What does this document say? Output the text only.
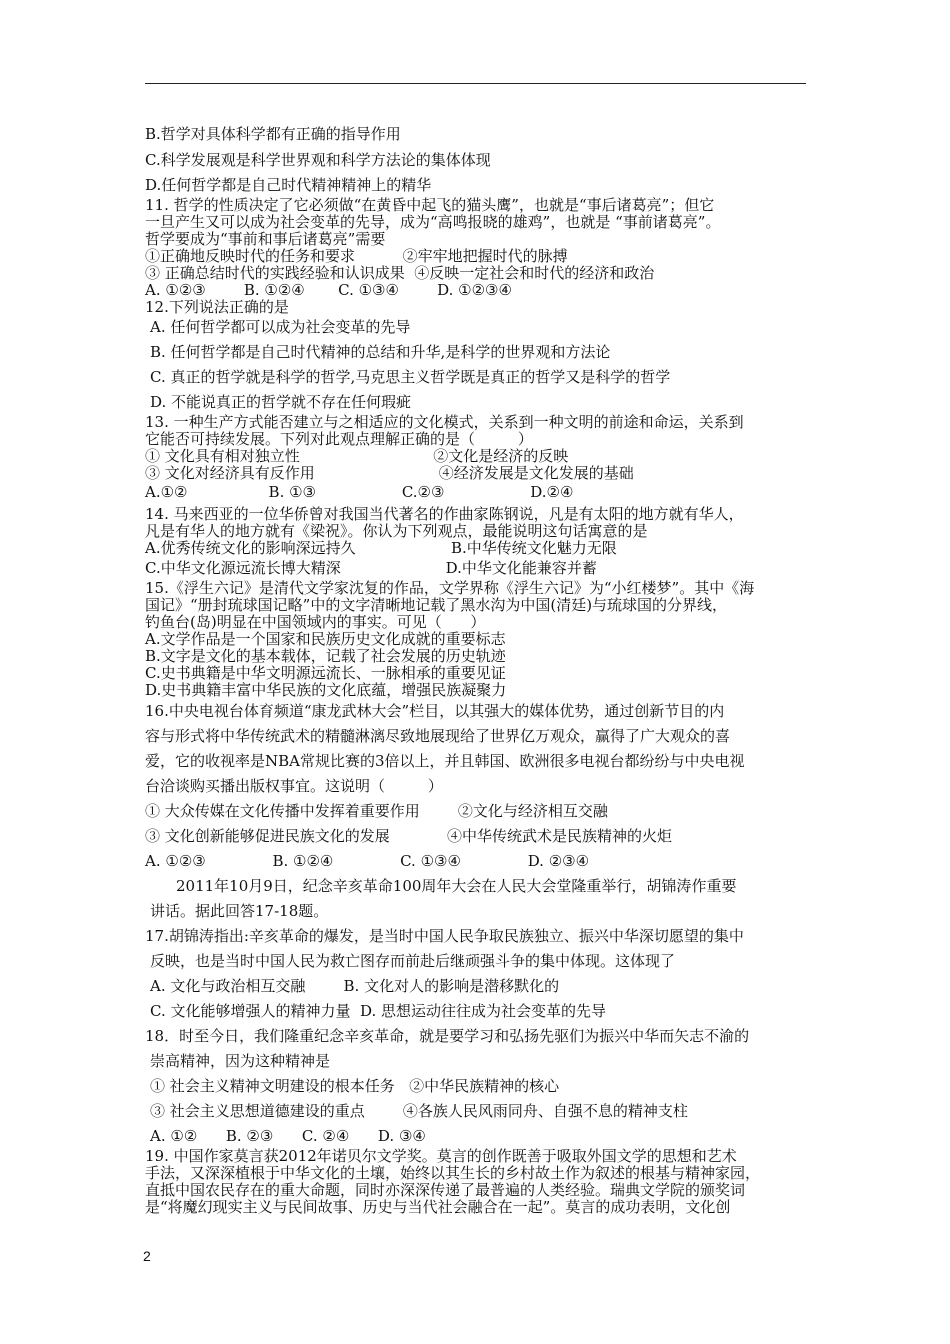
B.哲学对具体科学都有正确的指导作用
C.科学发展观是科学世界观和科学方法论的集体体现
D.任何哲学都是自己时代精神精神上的精华
11. 哲学的性质决定了它必须做“在黄昏中起飞的猫头鹰”，也就是“事后诸葛亮”；但它
一旦产生又可以成为社会变革的先导，成为“高鸣报晓的雄鸡”，也就是 “事前诸葛亮”。
哲学要成为“事前和事后诸葛亮”需要
①正确地反映时代的任务和要求          ②牢牢地把握时代的脉搏
③ 正确总结时代的实践经验和认识成果  ④反映一定社会和时代的经济和政治
A. ①②③        B. ①②④       C. ①③④        D. ①②③④
12.下列说法正确的是
A. 任何哲学都可以成为社会变革的先导
B. 任何哲学都是自己时代精神的总结和升华,是科学的世界观和方法论
C. 真正的哲学就是科学的哲学,马克思主义哲学既是真正的哲学又是科学的哲学
D. 不能说真正的哲学就不存在任何瑕疵
13. 一种生产方式能否建立与之相适应的文化模式，关系到一种文明的前途和命运，关系到
它能否可持续发展。下列对此观点理解正确的是（         ）
① 文化具有相对独立性                            ②文化是经济的反映
③ 文化对经济具有反作用                          ④经济发展是文化发展的基础
A.①②                 B. ①③                  C.②③                  D.②④
14. 马来西亚的一位华侨曾对我国当代著名的作曲家陈钢说，凡是有太阳的地方就有华人，
凡是有华人的地方就有《梁祝》。你认为下列观点，最能说明这句话寓意的是
A.优秀传统文化的影响深远持久                    B.中华传统文化魅力无限
C.中华文化源远流长博大精深                      D.中华文化能兼容并蓄
15.《浮生六记》是清代文学家沈复的作品，文学界称《浮生六记》为“小红楼梦”。其中《海
国记》“册封琉球国记略”中的文字清晰地记载了黑水沟为中国(清廷)与琉球国的分界线，
钓鱼台(岛)明显在中国领域内的事实。可见（      ）
A.文学作品是一个国家和民族历史文化成就的重要标志
B.文字是文化的基本载体，记载了社会发展的历史轨迹
C.史书典籍是中华文明源远流长、一脉相承的重要见证
D.史书典籍丰富中华民族的文化底蕴，增强民族凝聚力
16.中央电视台体育频道“康龙武林大会”栏目，以其强大的媒体优势，通过创新节目的内
容与形式将中华传统武术的精髓淋漓尽致地展现给了世界亿万观众，赢得了广大观众的喜
爱，它的收视率是NBA常规比赛的3倍以上，并且韩国、欧洲很多电视台都纷纷与中央电视
台洽谈购买播出版权事宜。这说明（         ）
① 大众传媒在文化传播中发挥着重要作用        ②文化与经济相互交融
③ 文化创新能够促进民族文化的发展            ④中华传统武术是民族精神的火炬
A. ①②③              B. ①②④              C. ①③④              D. ②③④
2011年10月9日，纪念辛亥革命100周年大会在人民大会堂隆重举行，胡锦涛作重要
讲话。据此回答17-18题。
17.胡锦涛指出:辛亥革命的爆发，是当时中国人民争取民族独立、振兴中华深切愿望的集中
反映，也是当时中国人民为救亡图存而前赴后继顽强斗争的集中体现。这体现了
A. 文化与政治相互交融        B. 文化对人的影响是潜移默化的
C. 文化能够增强人的精神力量  D. 思想运动往往成为社会变革的先导
18．时至今日，我们隆重纪念辛亥革命，就是要学习和弘扬先驱们为振兴中华而矢志不渝的
崇高精神，因为这种精神是
① 社会主义精神文明建设的根本任务   ②中华民族精神的核心
③ 社会主义思想道德建设的重点        ④各族人民风雨同舟、自强不息的精神支柱
A. ①②      B. ②③      C. ②④      D. ③④
19. 中国作家莫言获2012年诺贝尔文学奖。莫言的创作既善于吸取外国文学的思想和艺术
手法，又深深植根于中华文化的土壤，始终以其生长的乡村故土作为叙述的根基与精神家园，
直抵中国农民存在的重大命题，同时亦深深传递了最普遍的人类经验。瑞典文学院的颁奖词
是“将魔幻现实主义与民间故事、历史与当代社会融合在一起”。莫言的成功表明，文化创
2
